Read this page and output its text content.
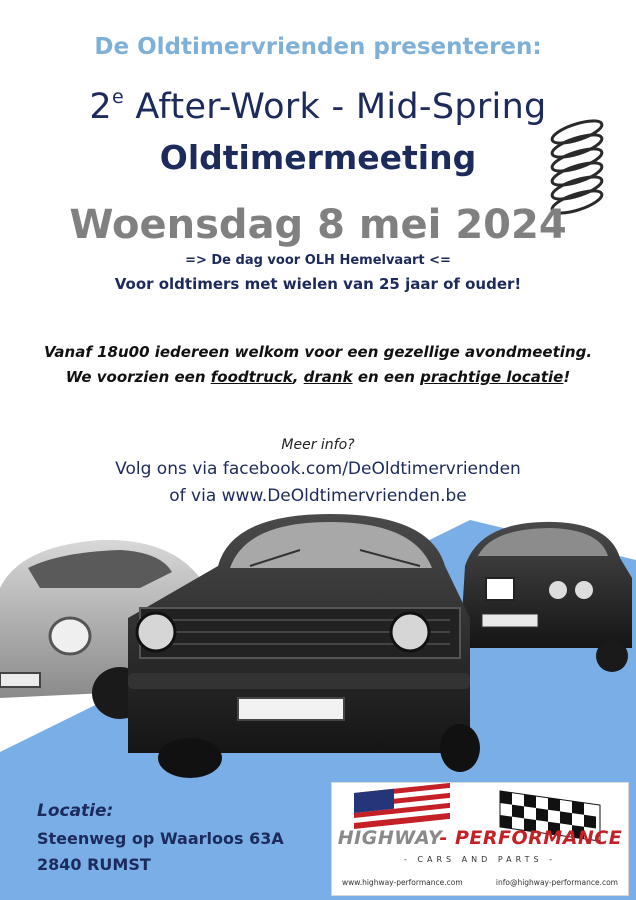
De Oldtimervrienden presenteren:
2e After-Work - Mid-Spring
Oldtimermeeting
Woensdag 8 mei 2024
=> De dag voor OLH Hemelvaart <=
Voor oldtimers met wielen van 25 jaar of ouder!
Vanaf 18u00 iedereen welkom voor een gezellige avondmeeting.
We voorzien een foodtruck, drank en een prachtige locatie!
Meer info?
Volg ons via facebook.com/DeOldtimervrienden
of via www.DeOldtimervrienden.be
Locatie:
Steenweg op Waarloos 63A
2840 RUMST
HIGHWAY- PERFORMANCE
- CARS AND PARTS -
www.highway-performance.com	info@highway-performance.com
